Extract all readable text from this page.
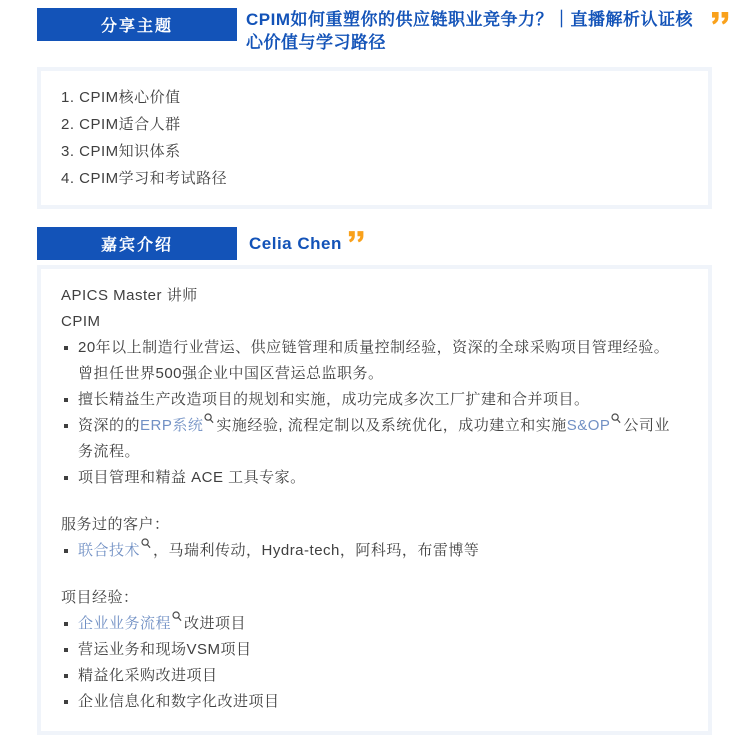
分享主题	CPIM如何重塑你的供应链职业竞争力？｜直播解析认证核心价值与学习路径
1. CPIM核心价值
2. CPIM适合人群
3. CPIM知识体系
4. CPIM学习和考试路径
嘉宾介绍	Celia Chen
APICS Master 讲师
CPIM
20年以上制造行业营运、供应链管理和质量控制经验，资深的全球采购项目管理经验。曾担任世界500强企业中国区营运总监职务。
擅长精益生产改造项目的规划和实施，成功完成多次工厂扩建和合并项目。
资深的的ERP系统 实施经验, 流程定制以及系统优化，成功建立和实施S&OP 公司业务流程。
项目管理和精益 ACE 工具专家。
服务过的客户：
联合技术 ，马瑞利传动，Hydra-tech，阿科玛，布雷博等
项目经验：
企业业务流程 改进项目
营运业务和现场VSM项目
精益化采购改进项目
企业信息化和数字化改进项目
